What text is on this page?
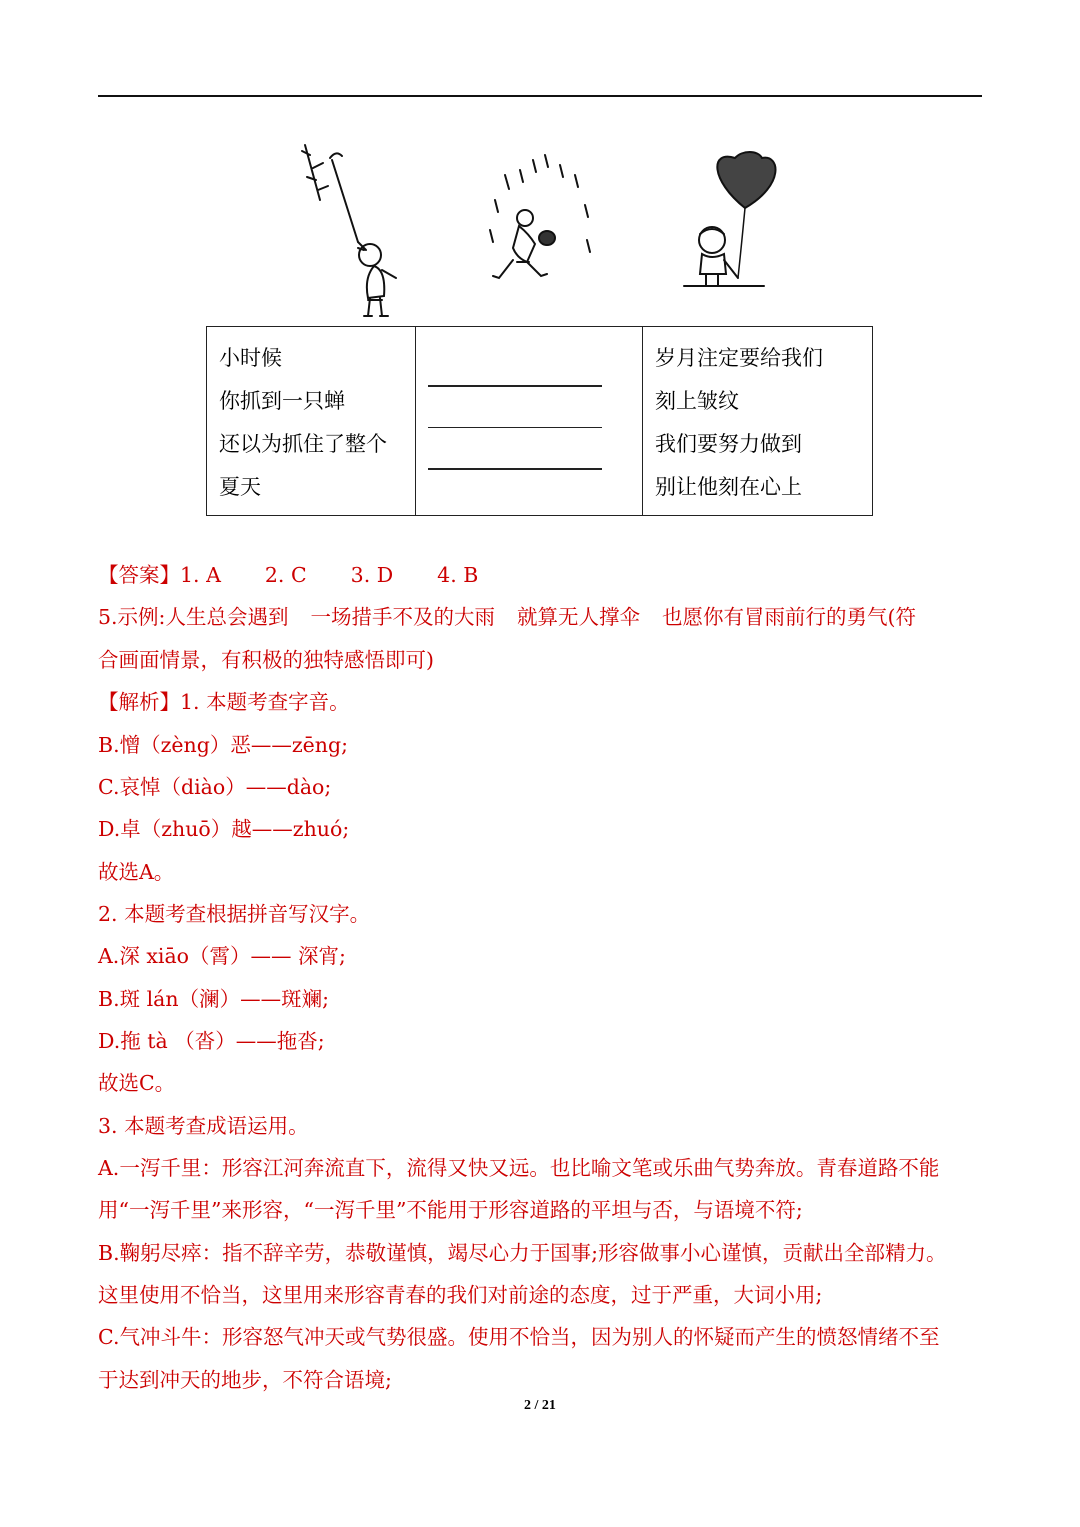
小时候
你抓到一只蝉
还以为抓住了整个
夏天

岁月注定要给我们
刻上皱纹
我们要努力做到
别让他刻在心上
【答案】1. A 2. C 3. D 4. B
5.示例:人生总会遇到 一场措手不及的大雨 就算无人撑伞 也愿你有冒雨前行的勇气(符
合画面情景，有积极的独特感悟即可)
【解析】1. 本题考查字音。
B.憎（zèng）恶——zēng;
C.哀悼（diào）——dào;
D.卓（zhuō）越——zhuó;
故选A。
2. 本题考查根据拼音写汉字。
A.深 xiāo（霄）—— 深宵;
B.斑 lán（澜）——斑斓;
D.拖 tà （沓）——拖沓;
故选C。
3. 本题考查成语运用。
A.一泻千里：形容江河奔流直下，流得又快又远。也比喻文笔或乐曲气势奔放。青春道路不能
用“一泻千里”来形容，“一泻千里”不能用于形容道路的平坦与否，与语境不符;
B.鞠躬尽瘁：指不辞辛劳，恭敬谨慎，竭尽心力于国事;形容做事小心谨慎，贡献出全部精力。
这里使用不恰当，这里用来形容青春的我们对前途的态度，过于严重，大词小用;
C.气冲斗牛：形容怒气冲天或气势很盛。使用不恰当，因为别人的怀疑而产生的愤怒情绪不至
于达到冲天的地步，不符合语境;
2 / 21
